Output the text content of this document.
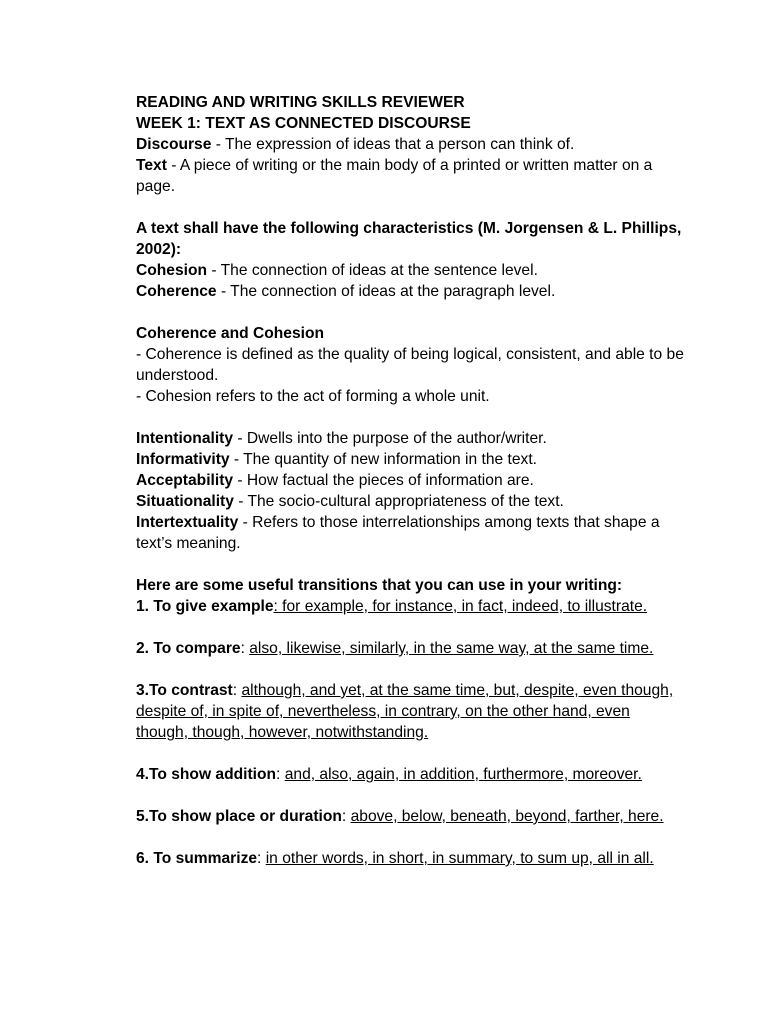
READING AND WRITING SKILLS REVIEWER
WEEK 1: TEXT AS CONNECTED DISCOURSE
Discourse - The expression of ideas that a person can think of.
Text - A piece of writing or the main body of a printed or written matter on a page.
A text shall have the following characteristics (M. Jorgensen & L. Phillips, 2002):
Cohesion - The connection of ideas at the sentence level.
Coherence - The connection of ideas at the paragraph level.
Coherence and Cohesion
- Coherence is defined as the quality of being logical, consistent, and able to be understood.
- Cohesion refers to the act of forming a whole unit.
Intentionality - Dwells into the purpose of the author/writer.
Informativity - The quantity of new information in the text.
Acceptability - How factual the pieces of information are.
Situationality - The socio-cultural appropriateness of the text.
Intertextuality - Refers to those interrelationships among texts that shape a text’s meaning.
Here are some useful transitions that you can use in your writing:
1. To give example: for example, for instance, in fact, indeed, to illustrate.
2. To compare: also, likewise, similarly, in the same way, at the same time.
3.To contrast: although, and yet, at the same time, but, despite, even though, despite of, in spite of, nevertheless, in contrary, on the other hand, even though, though, however, notwithstanding.
4.To show addition: and, also, again, in addition, furthermore, moreover.
5.To show place or duration: above, below, beneath, beyond, farther, here.
6. To summarize: in other words, in short, in summary, to sum up, all in all.
